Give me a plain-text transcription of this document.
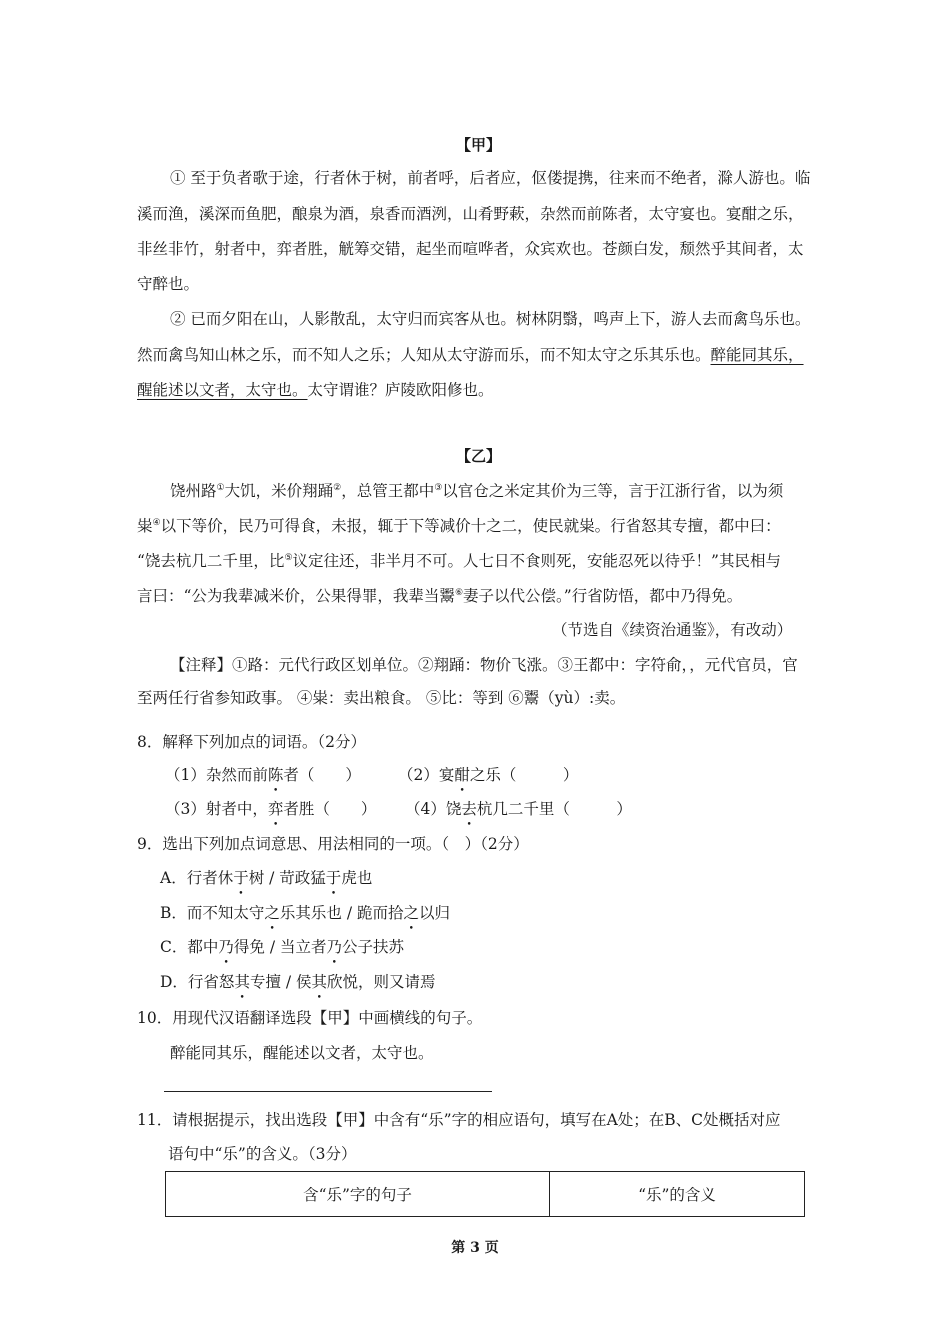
【甲】
① 至于负者歌于途，行者休于树，前者呼，后者应，伛偻提携，往来而不绝者，滁人游也。临
溪而渔，溪深而鱼肥，酿泉为酒，泉香而酒洌，山肴野蔌，杂然而前陈者，太守宴也。宴酣之乐，
非丝非竹，射者中，弈者胜，觥筹交错，起坐而喧哗者，众宾欢也。苍颜白发，颓然乎其间者，太
守醉也。
② 已而夕阳在山，人影散乱，太守归而宾客从也。树林阴翳，鸣声上下，游人去而禽鸟乐也。
然而禽鸟知山林之乐，而不知人之乐；人知从太守游而乐，而不知太守之乐其乐也。醉能同其乐，
醒能述以文者，太守也。太守谓谁？庐陵欧阳修也。
【乙】
饶州路①大饥，米价翔踊②，总管王都中③以官仓之米定其价为三等，言于江浙行省，以为须
粜④以下等价，民乃可得食，未报，辄于下等减价十之二，使民就粜。行省怒其专擅，都中曰：
“饶去杭几二千里，比⑤议定往还，非半月不可。人七日不食则死，安能忍死以待乎！”其民相与
言曰：“公为我辈减米价，公果得罪，我辈当鬻⑥妻子以代公偿。”行省防悟，都中乃得免。
（节选自《续资治通鉴》，有改动）
【注释】①路：元代行政区划单位。②翔踊：物价飞涨。③王都中：字符俞，，元代官员，官
至两任行省参知政事。 ④粜：卖出粮食。 ⑤比：等到 ⑥鬻（yù）:卖。
8．解释下列加点的词语。（2分）
（1）杂然而前陈者（　　） （2）宴酣之乐（　　　）
（3）射者中，弈者胜（　　） （4）饶去杭几二千里（　　　）
9．选出下列加点词意思、用法相同的一项。（　）（2分）
A．行者休于树 / 苛政猛于虎也
B．而不知太守之乐其乐也 / 跪而拾之以归
C．都中乃得免 / 当立者乃公子扶苏
D．行省怒其专擅 / 侯其欣悦，则又请焉
10．用现代汉语翻译选段【甲】中画横线的句子。
醉能同其乐，醒能述以文者，太守也。
11．请根据提示，找出选段【甲】中含有“乐”字的相应语句，填写在A处；在B、C处概括对应
语句中“乐”的含义。（3分）
含“乐”字的句子	“乐”的含义
第 3 页
